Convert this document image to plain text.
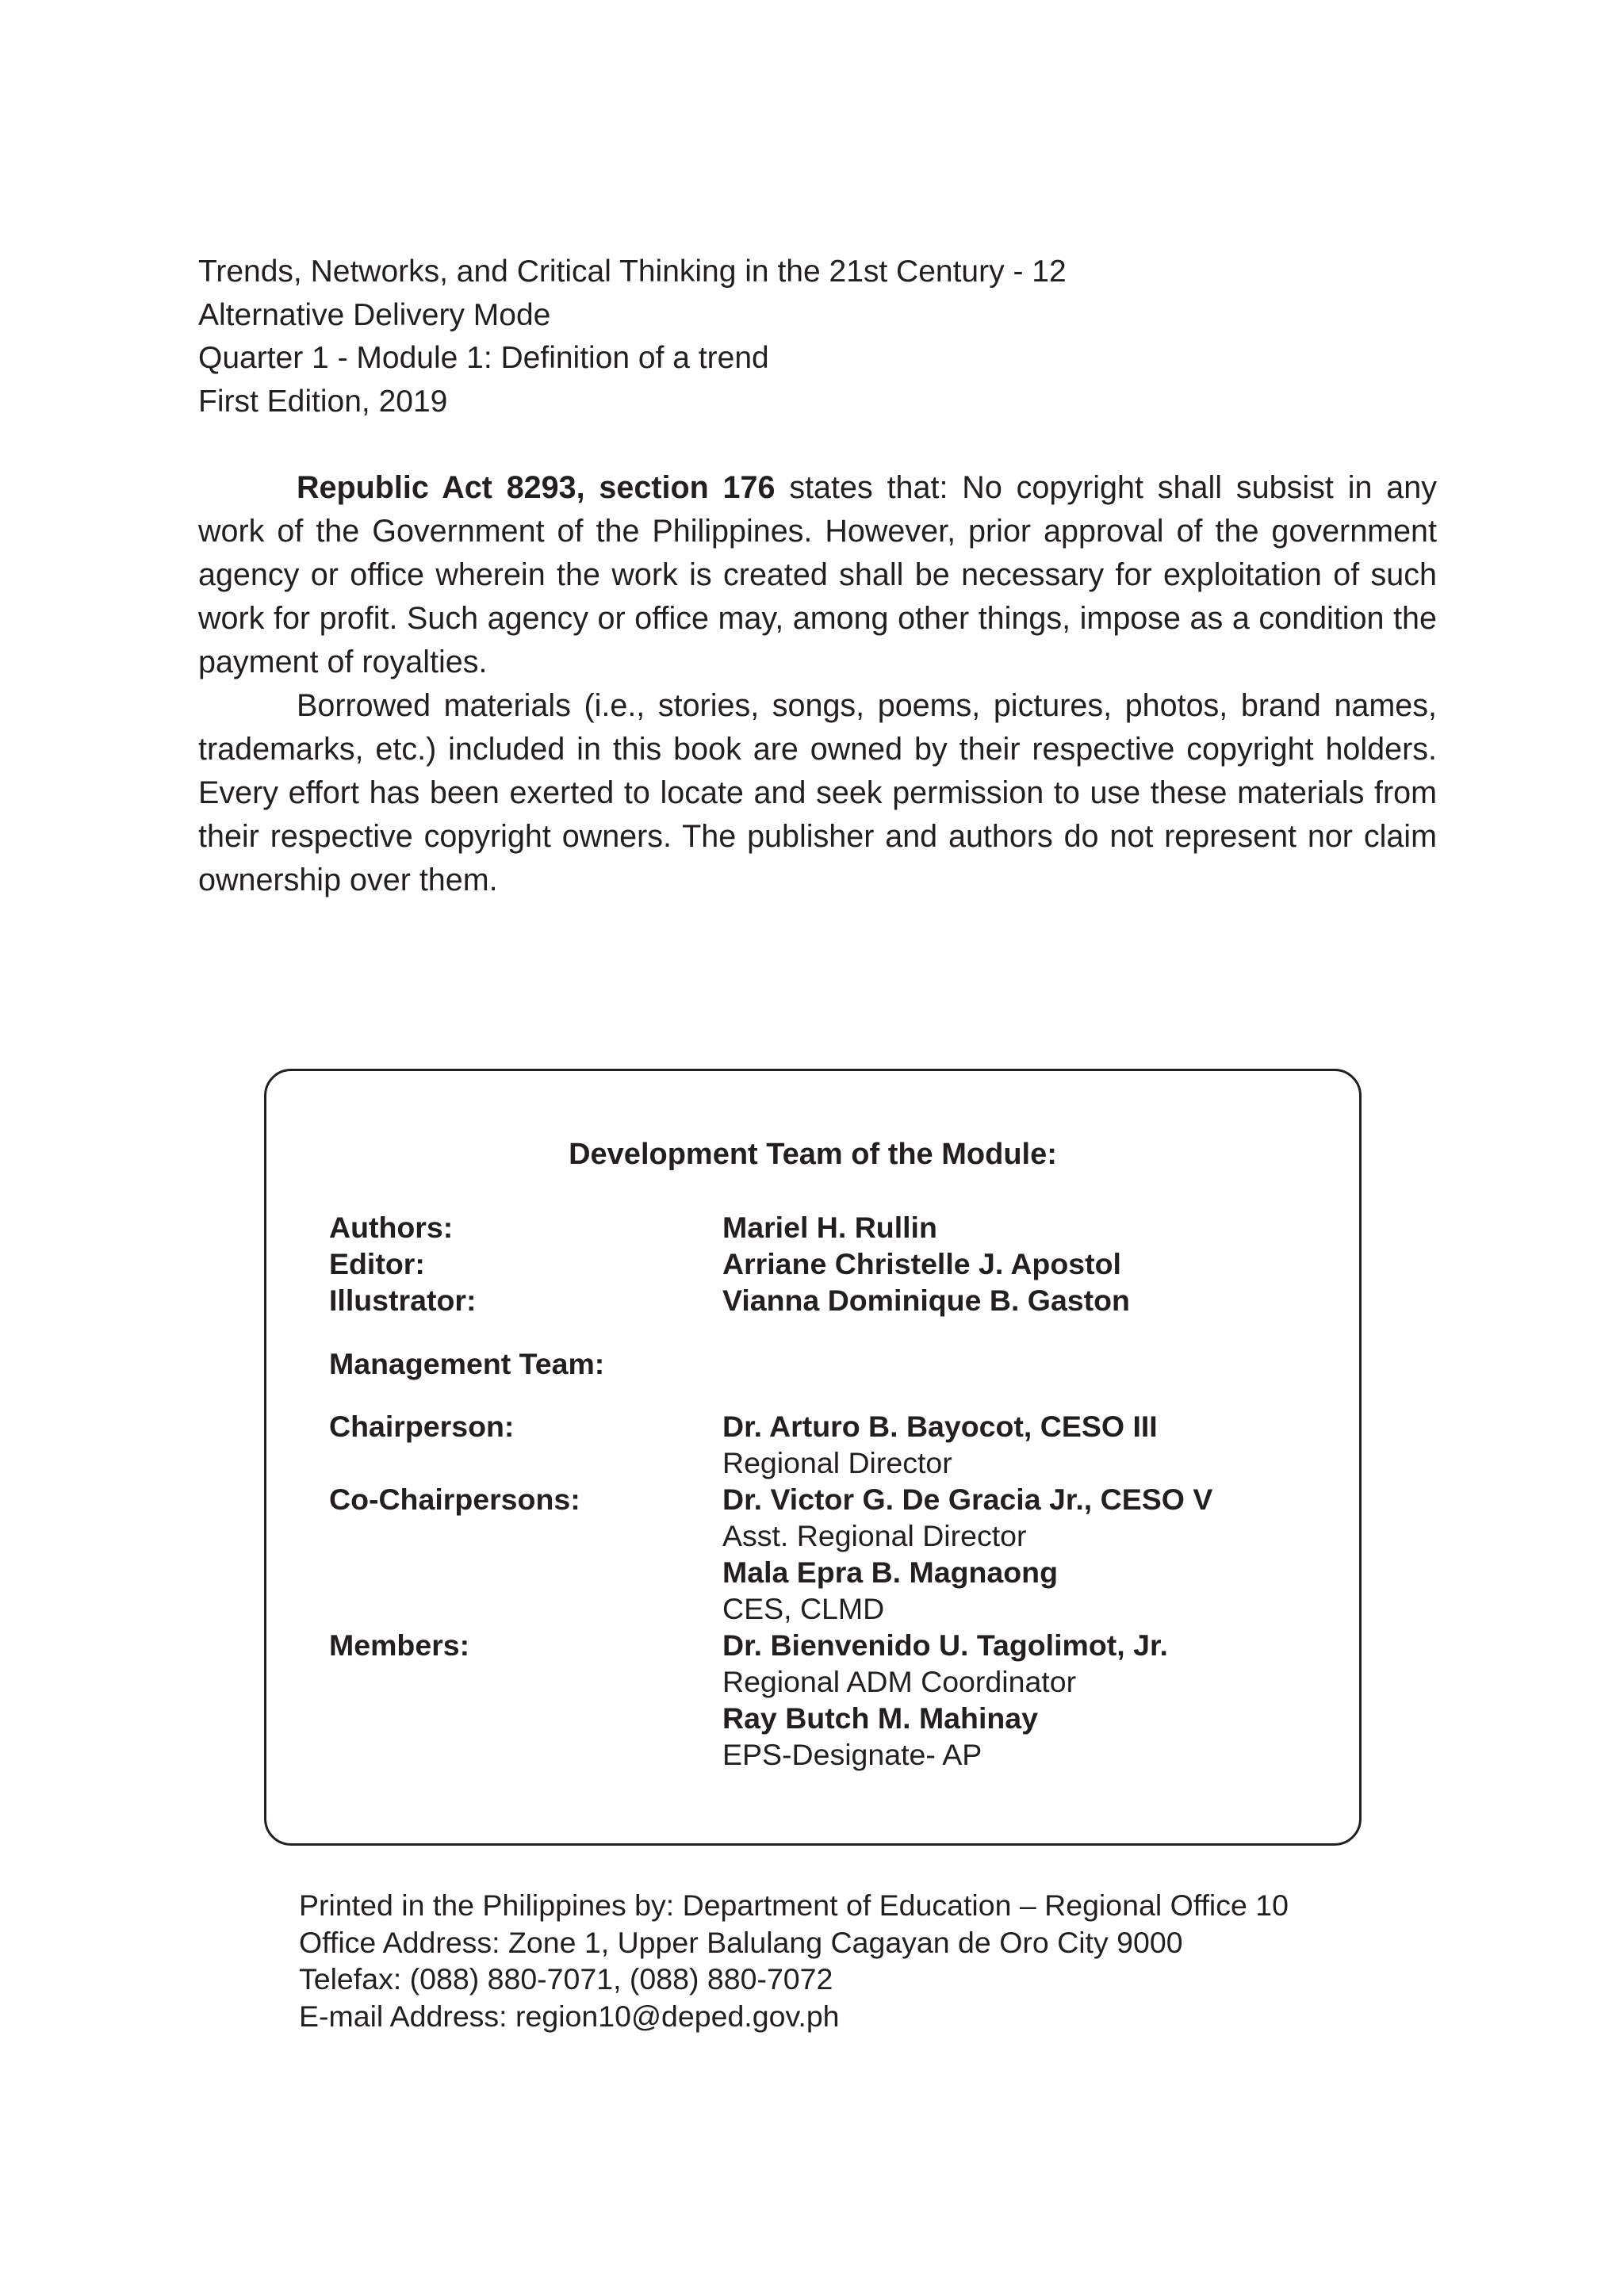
Trends, Networks, and Critical Thinking in the 21st Century - 12
Alternative Delivery Mode
Quarter 1 - Module 1: Definition of a trend
First Edition, 2019

Republic Act 8293, section 176 states that: No copyright shall subsist in any work of the Government of the Philippines. However, prior approval of the government agency or office wherein the work is created shall be necessary for exploitation of such work for profit. Such agency or office may, among other things, impose as a condition the payment of royalties.

Borrowed materials (i.e., stories, songs, poems, pictures, photos, brand names, trademarks, etc.) included in this book are owned by their respective copyright holders. Every effort has been exerted to locate and seek permission to use these materials from their respective copyright owners. The publisher and authors do not represent nor claim ownership over them.

Development Team of the Module:
Authors:	Mariel H. Rullin
Editor:	Arriane Christelle J. Apostol
Illustrator:	Vianna Dominique B. Gaston
Management Team:
Chairperson:	Dr. Arturo B. Bayocot, CESO III
Regional Director
Co-Chairpersons:	Dr. Victor G. De Gracia Jr., CESO V
Asst. Regional Director
Mala Epra B. Magnaong
CES, CLMD
Members:	Dr. Bienvenido U. Tagolimot, Jr.
Regional ADM Coordinator
Ray Butch M. Mahinay
EPS-Designate- AP
Printed in the Philippines by: Department of Education – Regional Office 10
Office Address: Zone 1, Upper Balulang Cagayan de Oro City 9000
Telefax: (088) 880-7071, (088) 880-7072
E-mail Address: region10@deped.gov.ph
